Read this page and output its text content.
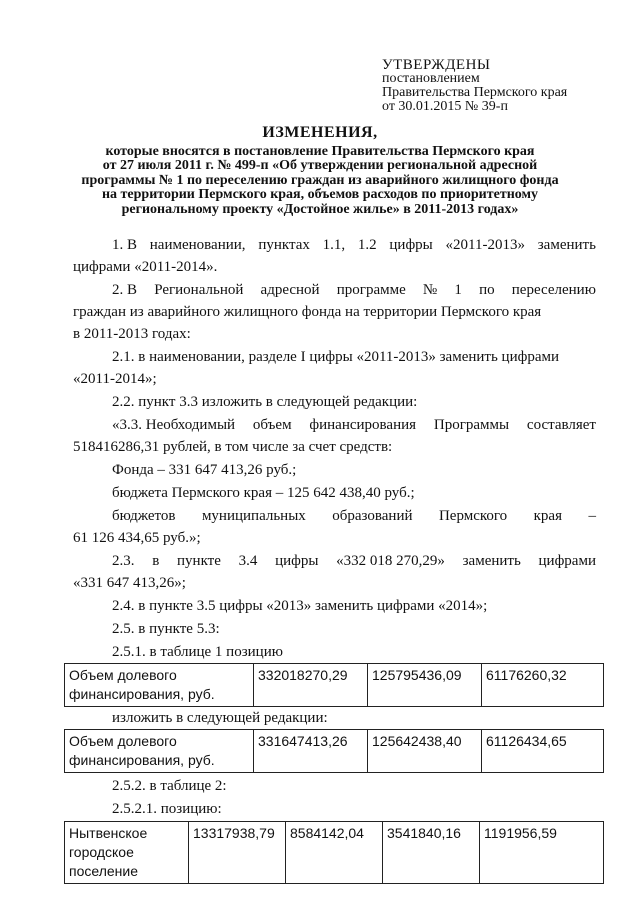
УТВЕРЖДЕНЫ
постановлением
Правительства Пермского края
от 30.01.2015 № 39-п
ИЗМЕНЕНИЯ,
которые вносятся в постановление Правительства Пермского края
от 27 июля 2011 г. № 499-п «Об утверждении региональной адресной
программы № 1 по переселению граждан из аварийного жилищного фонда
на территории Пермского края, объемов расходов по приоритетному
региональному проекту «Достойное жилье» в 2011-2013 годах»
1. В наименовании, пунктах 1.1, 1.2 цифры «2011-2013» заменить
цифрами «2011-2014».
2. В Региональной адресной программе № 1 по переселению
граждан из аварийного жилищного фонда на территории Пермского края
в 2011-2013 годах:
2.1. в наименовании, разделе I цифры «2011-2013» заменить цифрами
«2011-2014»;
2.2. пункт 3.3 изложить в следующей редакции:
«3.3. Необходимый объем финансирования Программы составляет
518416286,31 рублей, в том числе за счет средств:
Фонда – 331 647 413,26 руб.;
бюджета Пермского края – 125 642 438,40 руб.;
бюджетов муниципальных образований Пермского края –
61 126 434,65 руб.»;
2.3. в пункте 3.4 цифры «332 018 270,29» заменить цифрами
«331 647 413,26»;
2.4. в пункте 3.5 цифры «2013» заменить цифрами «2014»;
2.5. в пункте 5.3:
2.5.1. в таблице 1 позицию
Объем долевого
финансирования, руб.
	332018270,29	125795436,09	61176260,32
изложить в следующей редакции:
Объем долевого
финансирования, руб.
	331647413,26	125642438,40	61126434,65
2.5.2. в таблице 2:
2.5.2.1. позицию:
Нытвенское
городское
поселение
	13317938,79	8584142,04	3541840,16	1191956,59
